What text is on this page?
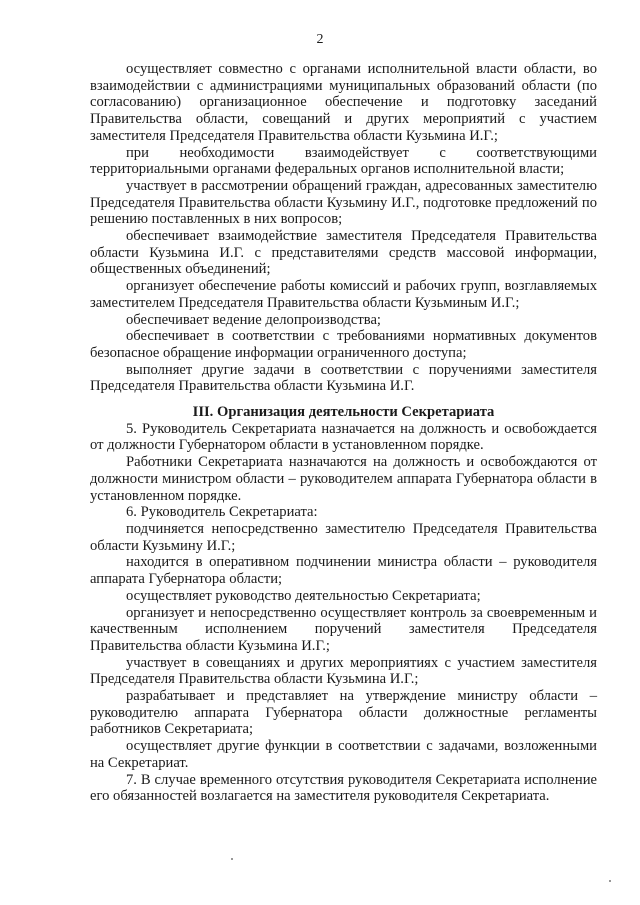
2

осуществляет совместно с органами исполнительной власти области, во взаимодействии с администрациями муниципальных образований области (по согласованию) организационное обеспечение и подготовку заседаний Правительства области, совещаний и других мероприятий с участием заместителя Председателя Правительства области Кузьмина И.Г.;

при необходимости взаимодействует с соответствующими территориальными органами федеральных органов исполнительной власти;

участвует в рассмотрении обращений граждан, адресованных заместителю Председателя Правительства области Кузьмину И.Г., подготовке предложений по решению поставленных в них вопросов;

обеспечивает взаимодействие заместителя Председателя Правительства области Кузьмина И.Г. с представителями средств массовой информации, общественных объединений;

организует обеспечение работы комиссий и рабочих групп, возглавляемых заместителем Председателя Правительства области Кузьминым И.Г.;

обеспечивает ведение делопроизводства;

обеспечивает в соответствии с требованиями нормативных документов безопасное обращение информации ограниченного доступа;

выполняет другие задачи в соответствии с поручениями заместителя Председателя Правительства области Кузьмина И.Г.

III. Организация деятельности Секретариата

5. Руководитель Секретариата назначается на должность и освобождается от должности Губернатором области в установленном порядке.

Работники Секретариата назначаются на должность и освобождаются от должности министром области – руководителем аппарата Губернатора области в установленном порядке.

6. Руководитель Секретариата:

подчиняется непосредственно заместителю Председателя Правительства области Кузьмину И.Г.;

находится в оперативном подчинении министра области – руководителя аппарата Губернатора области;

осуществляет руководство деятельностью Секретариата;

организует и непосредственно осуществляет контроль за своевременным и качественным исполнением поручений заместителя Председателя Правительства области Кузьмина И.Г.;

участвует в совещаниях и других мероприятиях с участием заместителя Председателя Правительства области Кузьмина И.Г.;

разрабатывает и представляет на утверждение министру области – руководителю аппарата Губернатора области должностные регламенты работников Секретариата;

осуществляет другие функции в соответствии с задачами, возложенными на Секретариат.

7. В случае временного отсутствия руководителя Секретариата исполнение его обязанностей возлагается на заместителя руководителя Секретариата.
